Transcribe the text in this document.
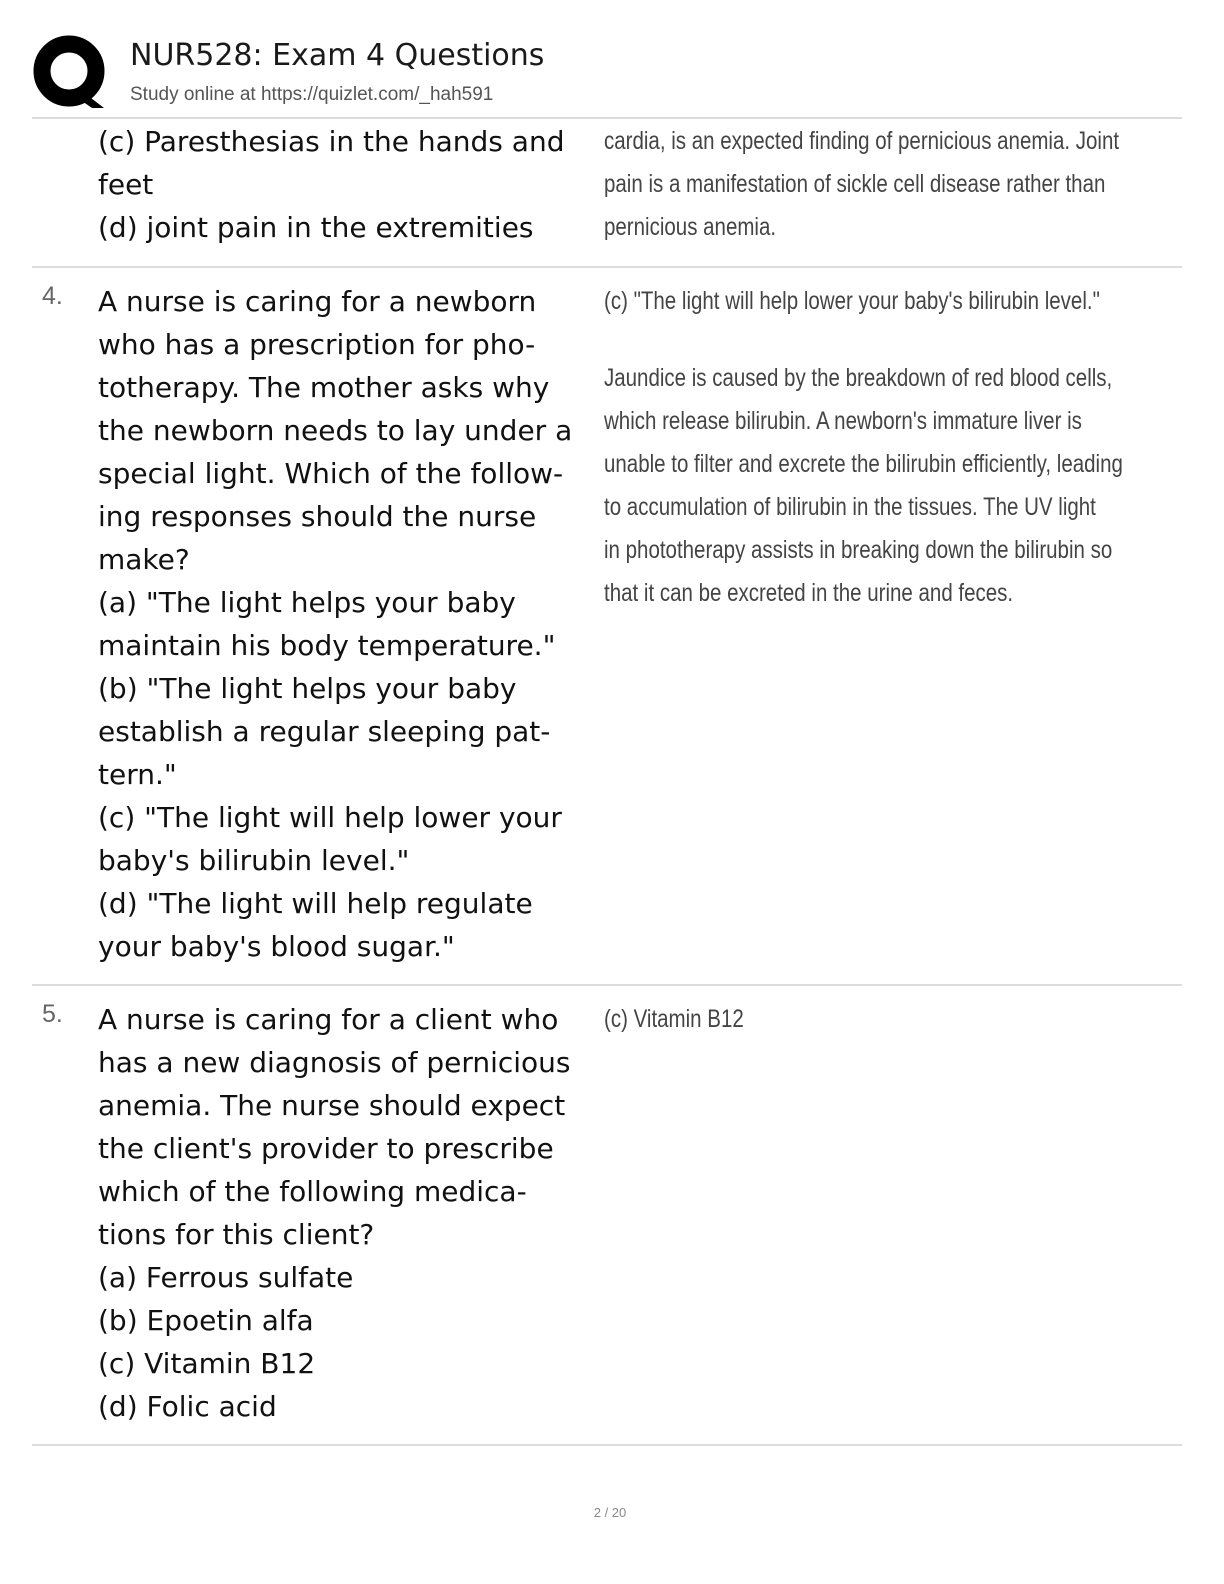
NUR528: Exam 4 Questions
Study online at https://quizlet.com/_hah591
(c) Paresthesias in the hands and
feet
(d) joint pain in the extremities
cardia, is an expected finding of pernicious anemia. Joint
pain is a manifestation of sickle cell disease rather than
pernicious anemia.
4. A nurse is caring for a newborn
who has a prescription for pho-
totherapy. The mother asks why
the newborn needs to lay under a
special light. Which of the follow-
ing responses should the nurse
make?
(a) "The light helps your baby
maintain his body temperature."
(b) "The light helps your baby
establish a regular sleeping pat-
tern."
(c) "The light will help lower your
baby's bilirubin level."
(d) "The light will help regulate
your baby's blood sugar."
(c) "The light will help lower your baby's bilirubin level."
Jaundice is caused by the breakdown of red blood cells,
which release bilirubin. A newborn's immature liver is
unable to filter and excrete the bilirubin efficiently, leading
to accumulation of bilirubin in the tissues. The UV light
in phototherapy assists in breaking down the bilirubin so
that it can be excreted in the urine and feces.
5. A nurse is caring for a client who
has a new diagnosis of pernicious
anemia. The nurse should expect
the client's provider to prescribe
which of the following medica-
tions for this client?
(a) Ferrous sulfate
(b) Epoetin alfa
(c) Vitamin B12
(d) Folic acid
(c) Vitamin B12
2 / 20
